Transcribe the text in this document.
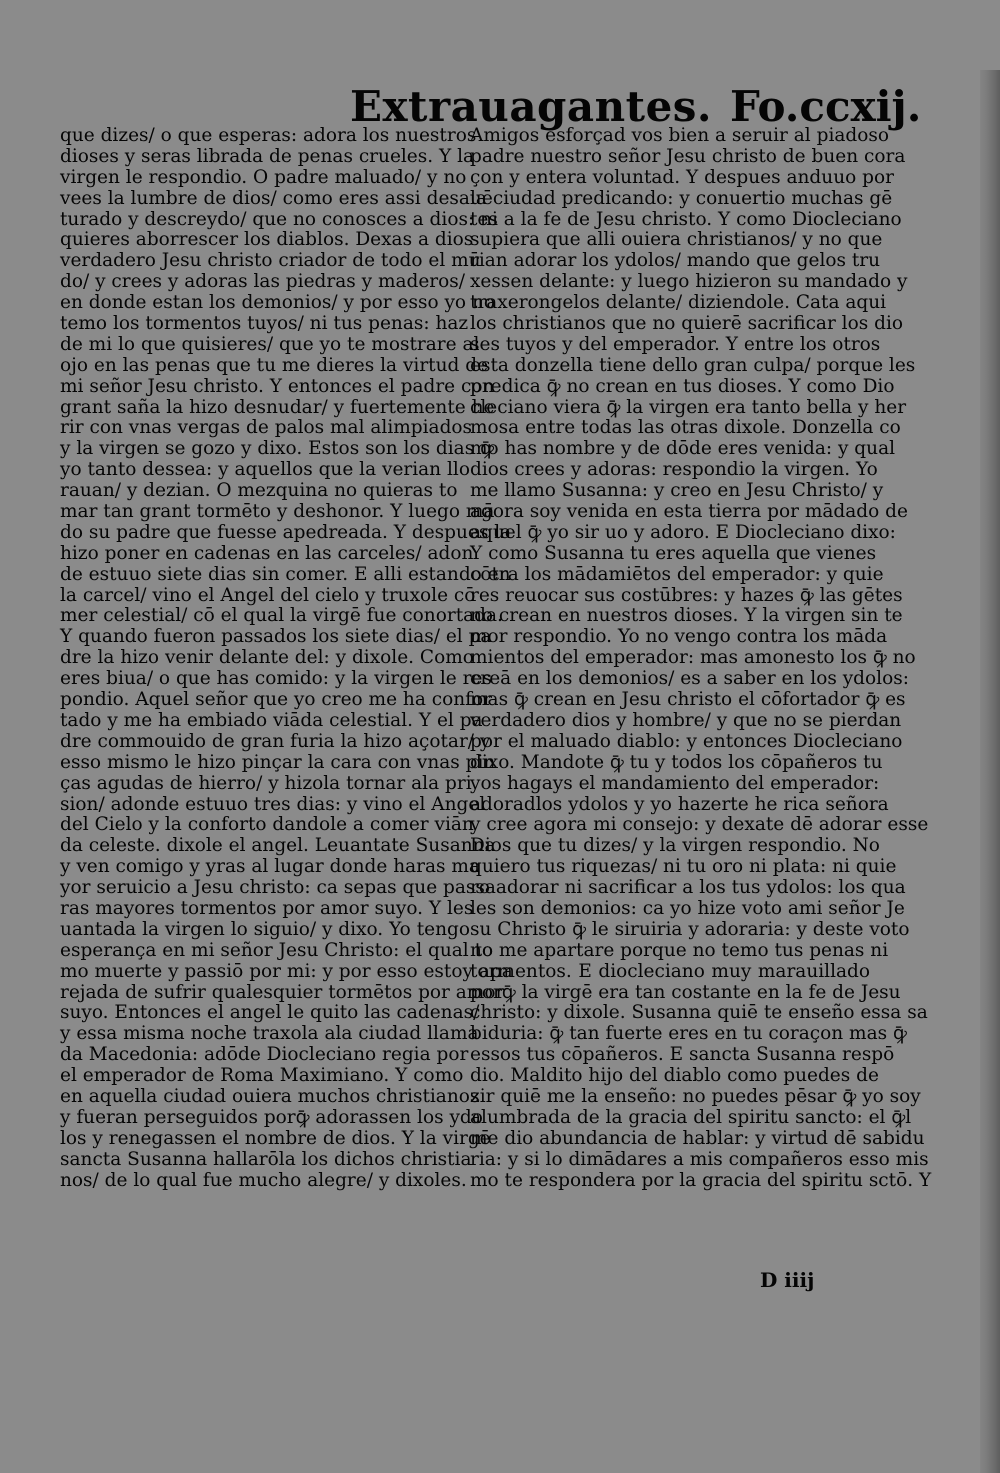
Extrauagantes. Fo.ccxij.
que dizes/ o que esperas: adora los nuestros
dioses y seras librada de penas crueles. Y la
virgen le respondio. O padre maluado/ y no
vees la lumbre de dios/ como eres assi desauē
turado y descreydo/ que no conosces a dios: ni
quieres aborrescer los diablos. Dexas a dios
verdadero Jesu christo criador de todo el mū
do/ y crees y adoras las piedras y maderos/
en donde estan los demonios/ y por esso yo no
temo los tormentos tuyos/ ni tus penas: haz
de mi lo que quisieres/ que yo te mostrare al
ojo en las penas que tu me dieres la virtud de
mi señor Jesu christo. Y entonces el padre con
grant saña la hizo desnudar/ y fuertemente he
rir con vnas vergas de palos mal alimpiados
y la virgen se gozo y dixo. Estos son los dias ꝙ̄
yo tanto dessea: y aquellos que la verian llo
rauan/ y dezian. O mezquina no quieras to
mar tan grant tormēto y deshonor. Y luego mā
do su padre que fuesse apedreada. Y despues la
hizo poner en cadenas en las carceles/ adon
de estuuo siete dias sin comer. E alli estando en
la carcel/ vino el Angel del cielo y truxole cō
mer celestial/ cō el qual la virgē fue conortada.
Y quando fueron passados los siete dias/ el pa
dre la hizo venir delante del: y dixole. Como
eres biua/ o que has comido: y la virgen le res
pondio. Aquel señor que yo creo me ha confor
tado y me ha embiado viāda celestial. Y el pa
dre commouido de gran furia la hizo açotar/ y
esso mismo le hizo pinçar la cara con vnas pin
ças agudas de hierro/ y hizola tornar ala pri
sion/ adonde estuuo tres dias: y vino el Angel
del Cielo y la conforto dandole a comer viān
da celeste. dixole el angel. Leuantate Susanna
y ven comigo y yras al lugar donde haras ma
yor seruicio a Jesu christo: ca sepas que passa
ras mayores tormentos por amor suyo. Y les
uantada la virgen lo siguio/ y dixo. Yo tengo
esperança en mi señor Jesu Christo: el qual to
mo muerte y passiō por mi: y por esso estoy apa
rejada de sufrir qualesquier tormētos por amor
suyo. Entonces el angel le quito las cadenas/
y essa misma noche traxola ala ciudad llama
da Macedonia: adōde Diocleciano regia por
el emperador de Roma Maximiano. Y como
en aquella ciudad ouiera muchos christianos
y fueran perseguidos porꝙ̄ adorassen los ydo
los y renegassen el nombre de dios. Y la virgē
sancta Susanna hallarōla los dichos christia
nos/ de lo qual fue mucho alegre/ y dixoles.
Amigos esforçad vos bien a seruir al piadoso
padre nuestro señor Jesu christo de buen cora
çon y entera voluntad. Y despues anduuo por
la ciudad predicando: y conuertio muchas gē
tes a la fe de Jesu christo. Y como Diocleciano
supiera que alli ouiera christianos/ y no que
rian adorar los ydolos/ mando que gelos tru
xessen delante: y luego hizieron su mandado y
traxerongelos delante/ diziendole. Cata aqui
los christianos que no quierē sacrificar los dio
ses tuyos y del emperador. Y entre los otros
esta donzella tiene dello gran culpa/ porque les
predica ꝙ̄ no crean en tus dioses. Y como Dio
cleciano viera ꝙ̄ la virgen era tanto bella y her
mosa entre todas las otras dixole. Donzella co
mo has nombre y de dōde eres venida: y qual
dios crees y adoras: respondio la virgen. Yo
me llamo Susanna: y creo en Jesu Christo/ y
agora soy venida en esta tierra por mādado de
aquel ꝙ̄ yo sir uo y adoro. E Diocleciano dixo:
Y como Susanna tu eres aquella que vienes
cōtra los mādamiētos del emperador: y quie
res reuocar sus costūbres: y hazes ꝙ̄ las gētes
no crean en nuestros dioses. Y la virgen sin te
mor respondio. Yo no vengo contra los māda
mientos del emperador: mas amonesto los ꝙ̄ no
creā en los demonios/ es a saber en los ydolos:
mas ꝙ̄ crean en Jesu christo el cōfortador ꝙ̄ es
verdadero dios y hombre/ y que no se pierdan
por el maluado diablo: y entonces Diocleciano
dixo. Mandote ꝙ̄ tu y todos los cōpañeros tu
yos hagays el mandamiento del emperador:
adoradlos ydolos y yo hazerte he rica señora
y cree agora mi consejo: y dexate dē adorar esse
Dios que tu dizes/ y la virgen respondio. No
quiero tus riquezas/ ni tu oro ni plata: ni quie
ro adorar ni sacrificar a los tus ydolos: los qua
les son demonios: ca yo hize voto ami señor Je
su Christo ꝙ̄ le siruiria y adoraria: y deste voto
no me apartare porque no temo tus penas ni
tormentos. E diocleciano muy marauillado
porꝙ̄ la virgē era tan costante en la fe de Jesu
christo: y dixole. Susanna quiē te enseño essa sa
biduria: ꝙ̄ tan fuerte eres en tu coraçon mas ꝙ̄
essos tus cōpañeros. E sancta Susanna respō
dio. Maldito hijo del diablo como puedes de
zir quiē me la enseño: no puedes pēsar ꝙ̄ yo soy
alumbrada de la gracia del spiritu sancto: el ꝙ̄l
me dio abundancia de hablar: y virtud dē sabidu
ria: y si lo dimādares a mis compañeros esso mis
mo te respondera por la gracia del spiritu sctō. Y
D iiij
